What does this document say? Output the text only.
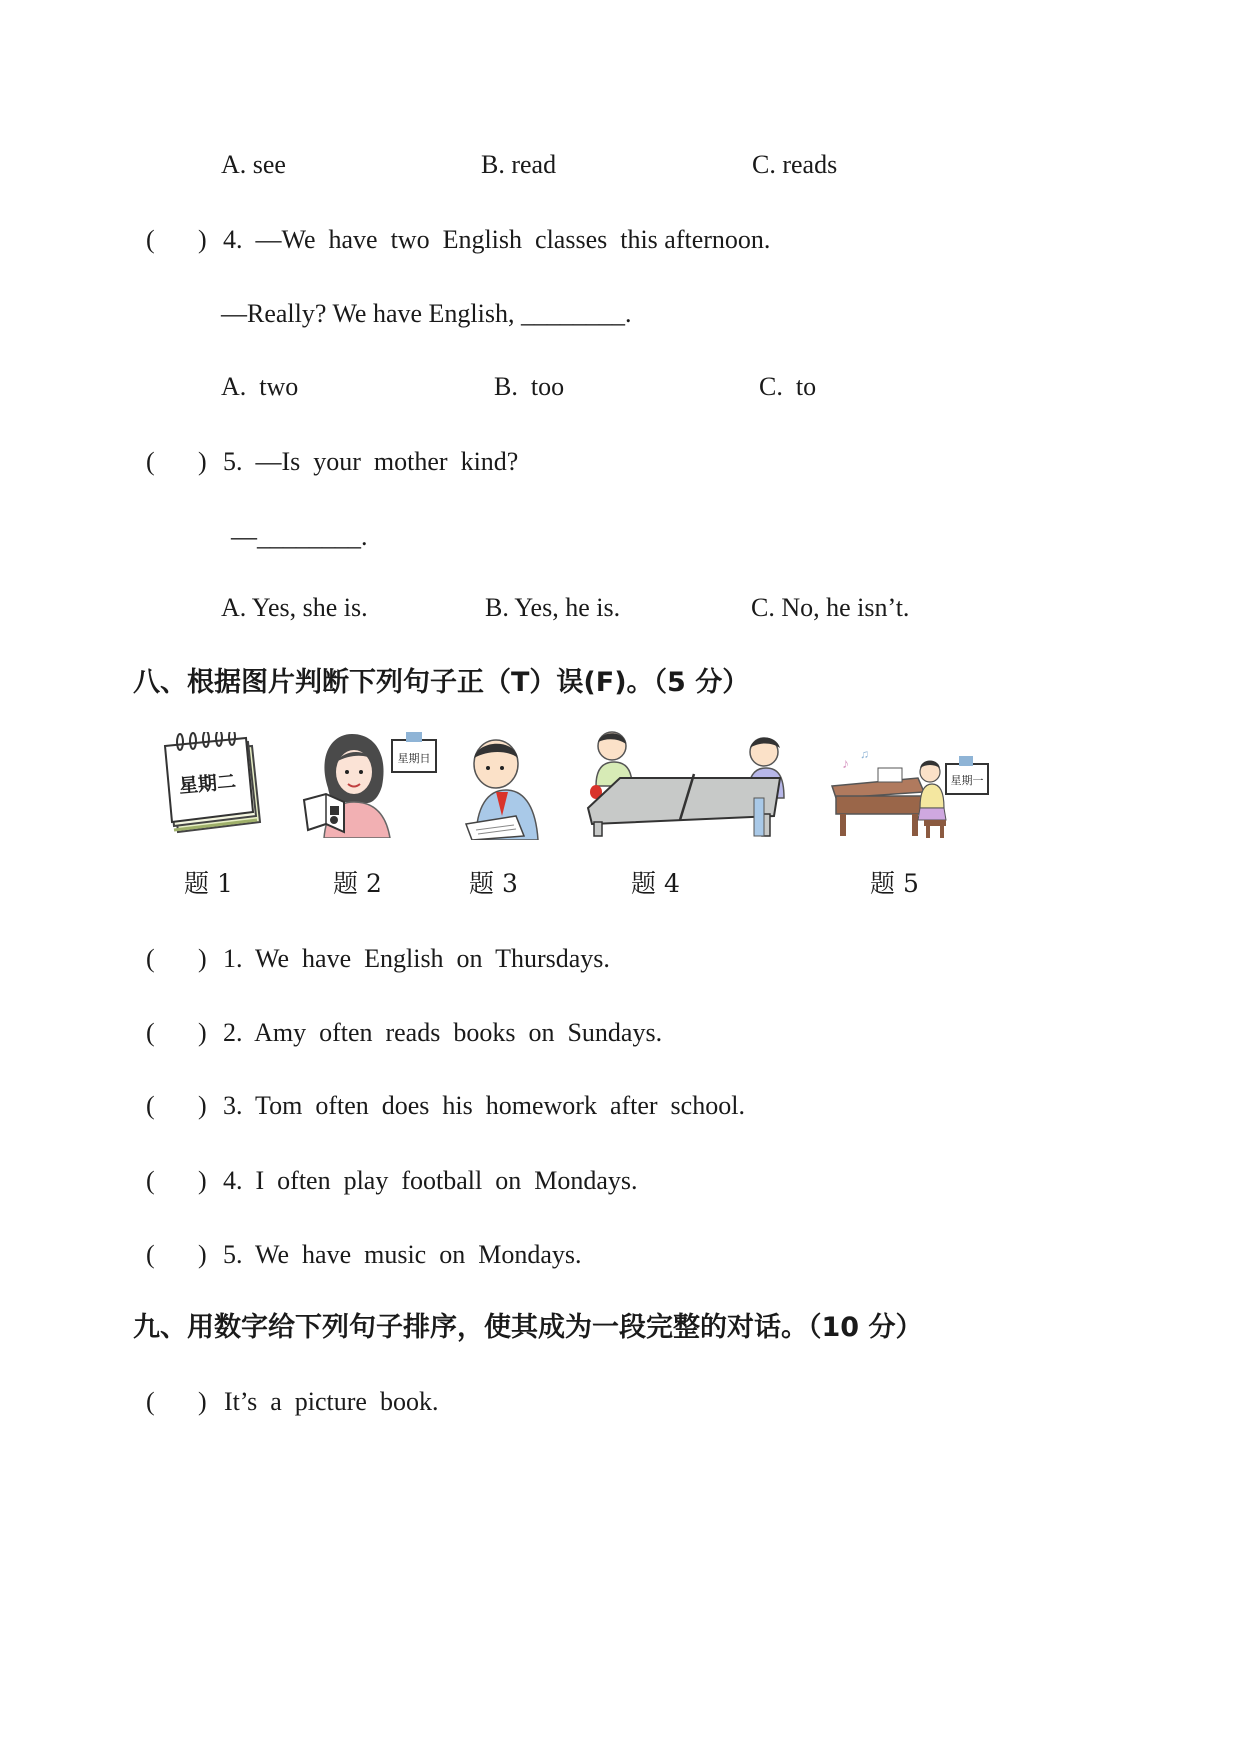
A. see	B. read	C. reads
( ) 4.  —We  have  two  English  classes  this afternoon.
—Really? We have English, ________.
A.  two	B.  too	C.  to
( ) 5.  —Is  your  mother  kind?
—________.
A. Yes, she is.	B. Yes, he is.	C. No, he isn’t.
八、根据图片判断下列句子正（T）误(F)。（5 分）
星期二
星期日	♪
♫
星期一
题 1	题 2	题 3	题 4	题 5
( ) 1.  We  have  English  on  Thursdays.
( ) 2.  Amy  often  reads  books  on  Sundays.
( ) 3.  Tom  often  does  his  homework  after  school.
( ) 4.  I  often  play  football  on  Mondays.
( ) 5.  We  have  music  on  Mondays.
九、用数字给下列句子排序，使其成为一段完整的对话。（10 分）
( ) It’s  a  picture  book.
